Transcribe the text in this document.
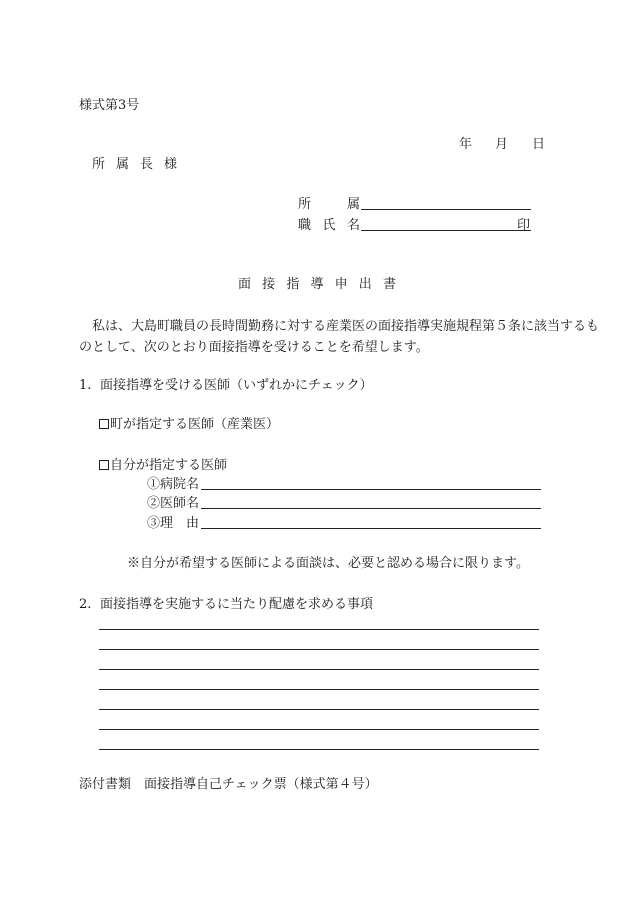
様式第3号
年 月 日
所 属 長 様
所	属
職 氏 名	印
面 接 指 導 申 出 書
私は、大島町職員の長時間勤務に対する産業医の面接指導実施規程第５条に該当するも
のとして、次のとおり面接指導を受けることを希望します。
1. 面接指導を受ける医師（いずれかにチェック）
町が指定する医師（産業医）
自分が指定する医師
①病院名
②医師名
③理　由
※自分が希望する医師による面談は、必要と認める場合に限ります。
2. 面接指導を実施するに当たり配慮を求める事項
添付書類　面接指導自己チェック票（様式第４号）
